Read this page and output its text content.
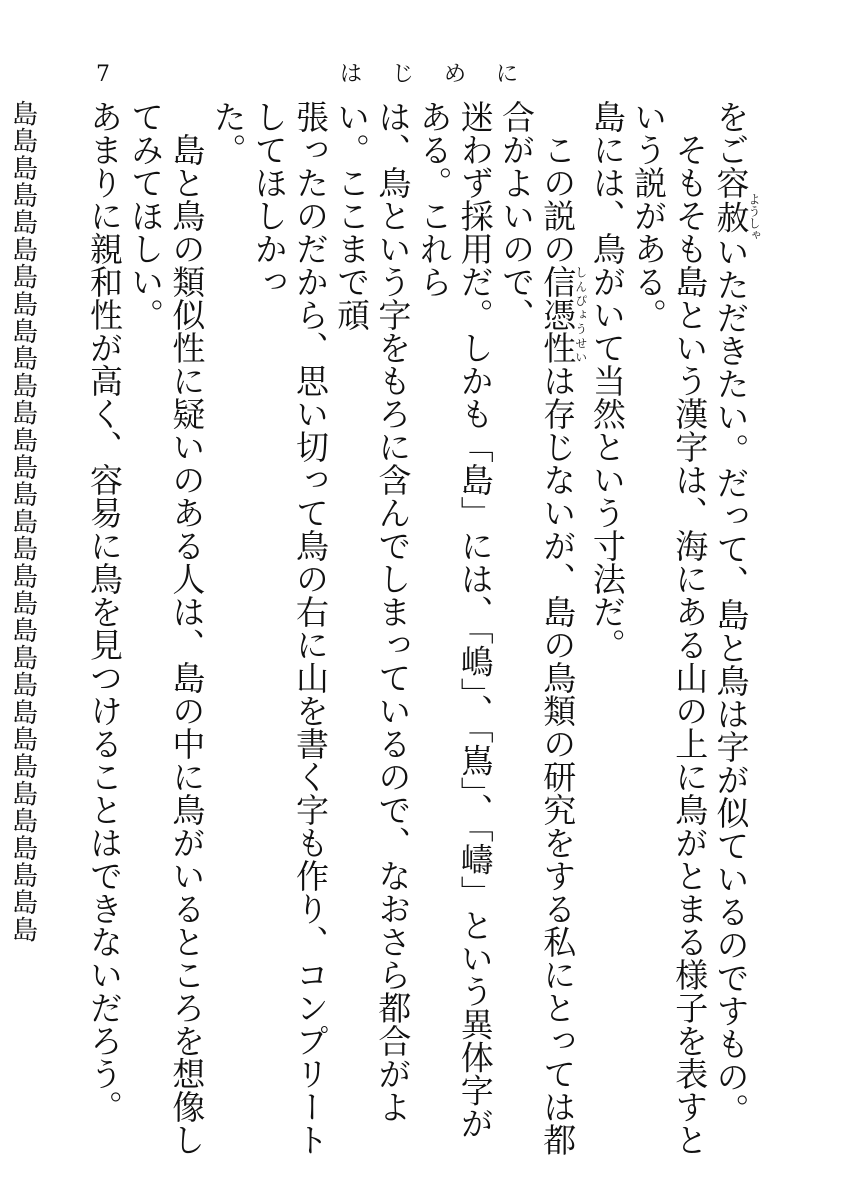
7	はじめに

をご容赦ようしゃいただきたい。だって、島と鳥は字が似ているのですもの。

そもそも島という漢字は、海にある山の上に鳥がとまる様子を表すという説がある。

島には、鳥がいて当然という寸法だ。

この説の信憑性しんぴょうせいは存じないが、島の鳥類の研究をする私にとっては都合がよいので、

迷わず採用だ。しかも「島」には、「嶋」、「嶌」、「嶹」という異体字がある。これら

は、鳥という字をもろに含んでしまっているので、なおさら都合がよい。ここまで頑

張ったのだから、思い切って鳥の右に山を書く字も作り、コンプリートしてほしかっ

た。

島と鳥の類似性に疑いのある人は、島の中に鳥がいるところを想像してみてほしい。

あまりに親和性が高く、容易に鳥を見つけることはできないだろう。

島島島島島島島島島島島島島島島島島島島島島島島島島島島島島島島
